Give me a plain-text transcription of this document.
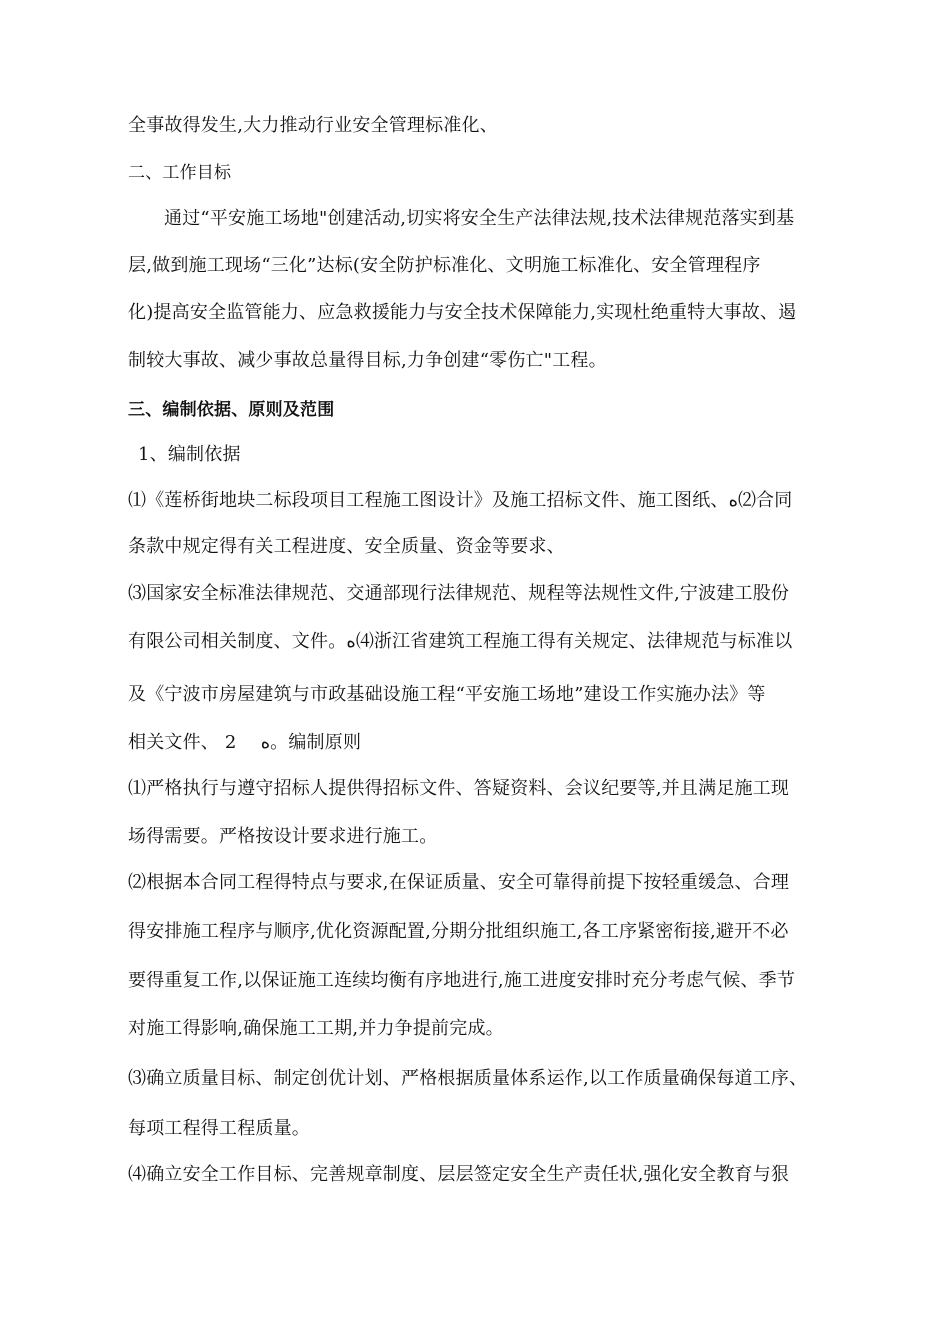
全事故得发生,大力推动行业安全管理标准化、
二、工作目标
通过“平安施工场地"创建活动,切实将安全生产法律法规,技术法律规范落实到基
层,做到施工现场“三化”达标(安全防护标准化、文明施工标准化、安全管理程序
化)提高安全监管能力、应急救援能力与安全技术保障能力,实现杜绝重特大事故、遏
制较大事故、减少事故总量得目标,力争创建“零伤亡"工程。
三、编制依据、原则及范围
1、编制依据
⑴《莲桥街地块二标段项目工程施工图设计》及施工招标文件、施工图纸、ﻩ⑵合同
条款中规定得有关工程进度、安全质量、资金等要求、
⑶国家安全标准法律规范、交通部现行法律规范、规程等法规性文件,宁波建工股份
有限公司相关制度、文件。ﻩ⑷浙江省建筑工程施工得有关规定、法律规范与标准以
及《宁波市房屋建筑与市政基础设施工程“平安施工场地”建设工作实施办法》等
相关文件、 2　 ﻩ。编制原则
⑴严格执行与遵守招标人提供得招标文件、答疑资料、会议纪要等,并且满足施工现
场得需要。严格按设计要求进行施工。
⑵根据本合同工程得特点与要求,在保证质量、安全可靠得前提下按轻重缓急、合理
得安排施工程序与顺序,优化资源配置,分期分批组织施工,各工序紧密衔接,避开不必
要得重复工作,以保证施工连续均衡有序地进行,施工进度安排时充分考虑气候、季节
对施工得影响,确保施工工期,并力争提前完成。
⑶确立质量目标、制定创优计划、严格根据质量体系运作,以工作质量确保每道工序、
每项工程得工程质量。
⑷确立安全工作目标、完善规章制度、层层签定安全生产责任状,强化安全教育与狠
